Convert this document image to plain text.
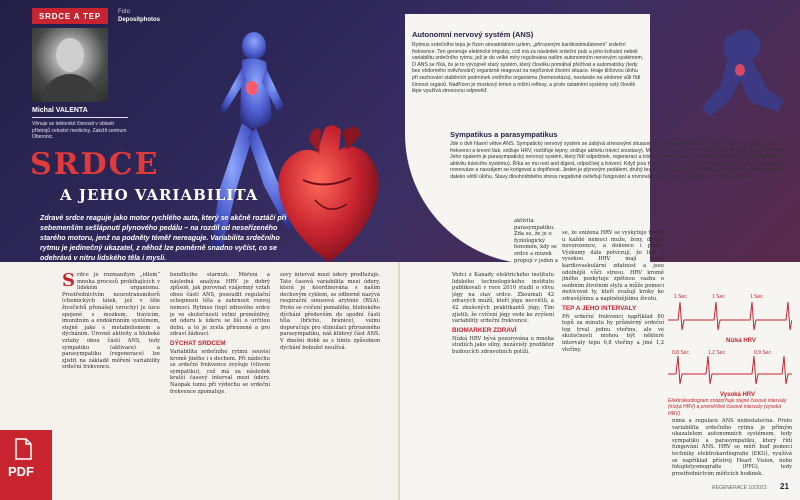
SRDCE A TEP	Foto
Depositphotos
Michal VALENTA
Věnuje se lektorské činnosti v oblasti přístrojů celostní medicíny. Založil centrum Oberonic.
SRDCE
A JEHO VARIABILITA
Zdravé srdce reaguje jako motor rychlého auta, který se akčně roztáčí při sebemenším sešlápnutí plynového pedálu – na rozdíl od neseřízeného starého motoru, jenž na podněty téměř nereaguje. Variabilita srdečního rytmu je jedinečný ukazatel, z něhož lze poměrně snadno vyčíst, co se odehrává v nitru lidského těla i mysli.
Autonomní nervový systém (ANS)
Rytmus srdečního tepu je řízen sinoatriálním uzlem, „přirozeným kardiostimulátorem“ srdeční frekvence. Ten generuje elektrické impulzy, což má za následek srdeční pulz a jeho kolísání neboli variabilitu srdečního rytmu, jež je do velké míry regulována naším autonomním nervovým systémem. O ANS se říká, že je to vývojově starý systém, který člověku pomáhal přežívat a automaticky (tedy bez vědomého ovlivňování) organizně reagovat na nepříznivé životní situace. Hraje klíčovou úlohu při zachování stabilních podmínek vnitřního organismu (homeostáza), nezávisle na vědomé vůli řídí činnost orgánů. Nadřízen je mozkový kmen a míšní reflexy, a proto ostatními systémy celý člověk lépe využívá stresovou odpověď.
Sympatikus a parasympatikus
Jde o dvě hlavní větve ANS. Sympatický nervový systém se zabývá stresovými situacemi, aktivuje organismus k útoku či útěku (zvyšuje srdeční frekvenci a krevní tlak, snižuje HRV, rozšiřuje tepny, snižuje aktivitu trávicí soustavy). Mluví se o něm jako o systému fight or flight, bojuj nebo uteč. Jeho opakem je parasympatický nervový systém, který řídí odpočinek, regeneraci a trávicí systém (snižuje srdeční frekvenci a tlak, zvyšuje HRV i aktivitu trávicího systému). Říká se mu rest and digest, odpočívej a trávení. Když jsou tyto systémy do určité míry protichůdné, měly by pracovat v rovnováze a navzájem se korigovat a doplňovat. Jeden je plynovým pedálem, druhý brzdou. Ovšem v současnosti bývá plynový pedál sympatiku daleko větší úlohu. Stavy dlouhodobého stresu negativně ovlivňují fungování a rovnováhu ANS, jakož i všechny další tělní systémy.
Srdce je rozmanitým „idlem“ mnoha procesů probíhajících v lidském organismu. Prostřednictvím neurotransmiterů (chemických látek, jež v těle živočichů přenášejí vzruchy) je úzce spojené s mozkem, trávicím, imunitním a endokrinním systémem, stejně jako s metabolismem a dýcháním. Úrovně aktivity a hluboké vztahy obou částí ANS, tedy sympatiku (aktivace) a parasympatiku (regenerace) lze zjistit na základě měření variability srdeční frekvence.
bundlícího stárnutí. Měření a následná analýza HRV je dobrý způsob, jak porovnat vzájemný vztah obou částí ANS, posoudit regulační schopnosti těla a zahrnout rozvoj nemocí. Rytmus (tep) zdravého srdce je ve skutečnosti velmi proměnlivý, od úderu k úderu se liší o určitou dobu, a to je zcela přirozené a pro zdraví žádoucí.
DÝCHAT SRDCEM
Variabilita srdečního rytmu souvisí kromě jiného i s dechem. Při nádechu se srdeční frekvence zvyšuje (vlivem sympatiku), což má za následek kratší časový interval mezi údery. Naopak tomu při výdechu se srdeční frekvence zpomaluje.
sový interval mezi údery prodlužuje. Tato časová variabilita mezi údery, která je koordinována s naším dechovým cyklem, se odborně nazývá respirační sinusová arytmie (RSA). Proto se cvičení pomalého, hlubokého dýchání především do spodní části těla (břicho, bránice), velmi doporučuje pro stimulaci přirozeného parasympatiku, náš klidový část ANS. V dnešní době se s tímto způsobem dýchání bohužel neužívá.
aktivita parasympatiku. Zda se, že je o fyziologický fenomén, kdy se srdce a mozek propojí v jeden a
Vědci z Kanady elektrického institutu lidského technologického institutu publikovali v roce 2010 studii o vlivu jógy na stav srdce. Zkoumali 42 zdravých mužů, kteří jógu necvičili, a 42 zkušených praktikantů jógy. Tím zjistili, že cvičení jógy vede ke zvýšení variability srdeční frekvence.
BIOMARKER ZDRAVÍ
Nízká HRV bývá pozorována u mnoha studiích jako silný, nezávislý prediktor budoucích zdravotních potíží.
se, že snížená HRV se vyskytuje téměř u každé nemoci muže, ženy, dítěte, novorozence, a dokonce i plodu. Výzkumy dále potvrzují, že lidé s vysokou HRV mají větší kardiovaskulární zdatnost a jsou odolnější vůči stresu. HRV kromě jiného poskytuje zpětnou vazbu o osobním životním stylu a může pomoci motivovat ty, kteří zvažují kroky ke zdravějšímu a naplněnějšímu životu.
TEP A JEHO INTERVALY
Při srdeční frekvenci například 60 tepů za minutu by průměrný srdeční tep trval jednu vteřinu, ale ve skutečnosti mohou být některé intervaly tepu 0,8 vteřiny a jiné 1,2 vteřiny.
nímá a regulace ANS nedostatečná. Proto variabilita srdečního rytmu je přímým ukazatelem autonomních systémem, tedy sympatiku a parasympatiku, který řídí fungování ANS. HRV se měří buď pomocí techniky elektrokardiografie (EKG), využívá se například přístroj Heart Vision, nebo fotopletysmografie (PPG), tedy prostřednictvím měřicích hodinek.
1 Sec	1 Sec	1 Sec
Nízká HRV
0,8 Sec	1,2 Sec	0,9 Sec
Vysoká HRV
Elektrokardiogram znázorňuje stejné časové intervaly (nízká HRV) a proměnlivé časové intervaly (vysoká HRV).
PDF
REGENERACE 10/2023 21
